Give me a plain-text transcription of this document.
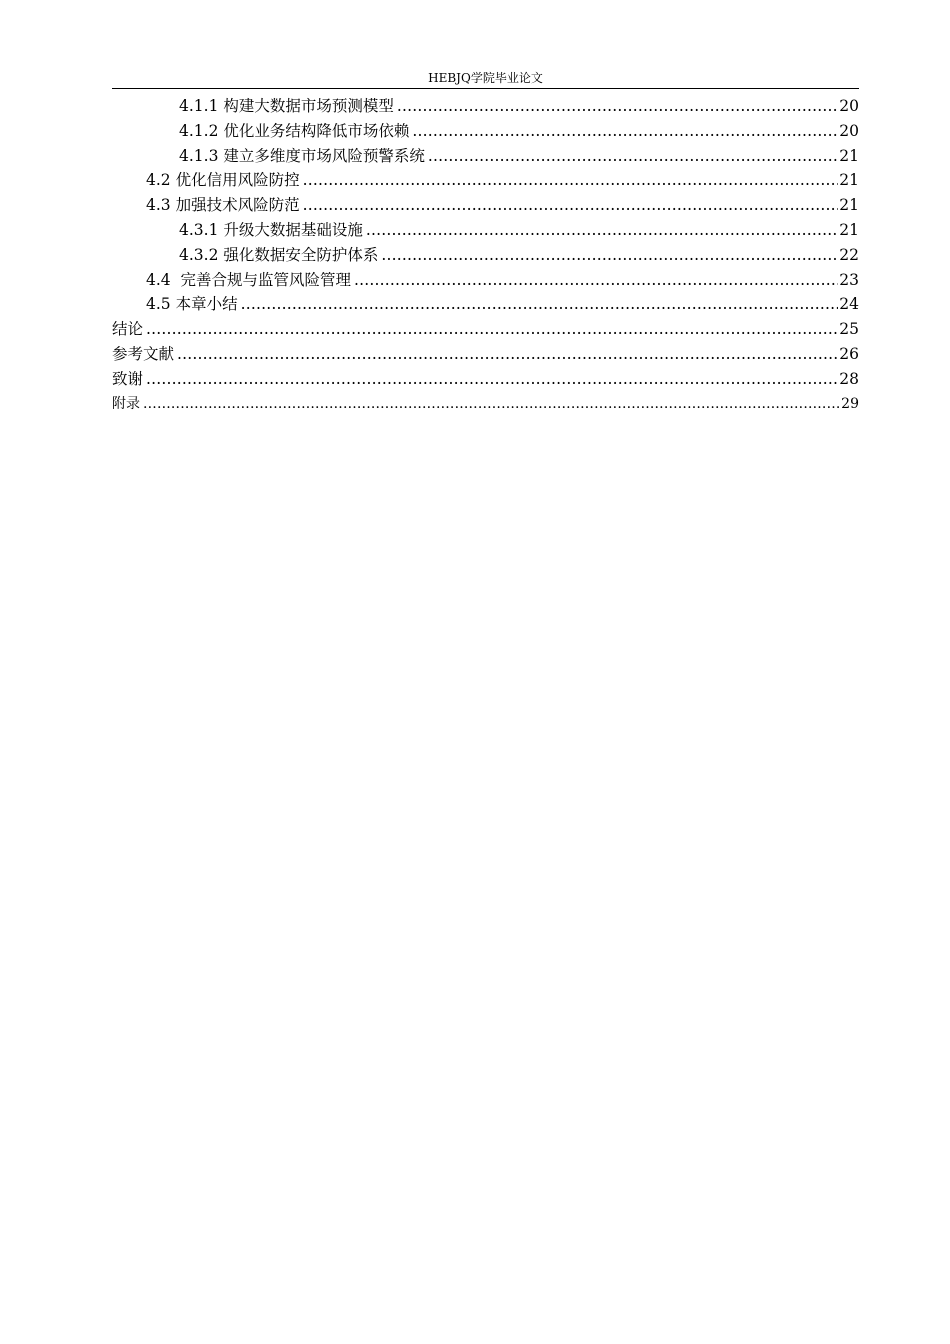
HEBJQ学院毕业论文
4.1.1 构建大数据市场预测模型 .....	20
4.1.2 优化业务结构降低市场依赖 .....	20
4.1.3 建立多维度市场风险预警系统 .....	21
4.2 优化信用风险防控 .....	21
4.3 加强技术风险防范 .....	21
4.3.1 升级大数据基础设施 .....	21
4.3.2 强化数据安全防护体系 .....	22
4.4  完善合规与监管风险管理 .....	23
4.5 本章小结 .....	24
结论 .....	25
参考文献 .....	26
致谢 .....	28
附录 .....	29
